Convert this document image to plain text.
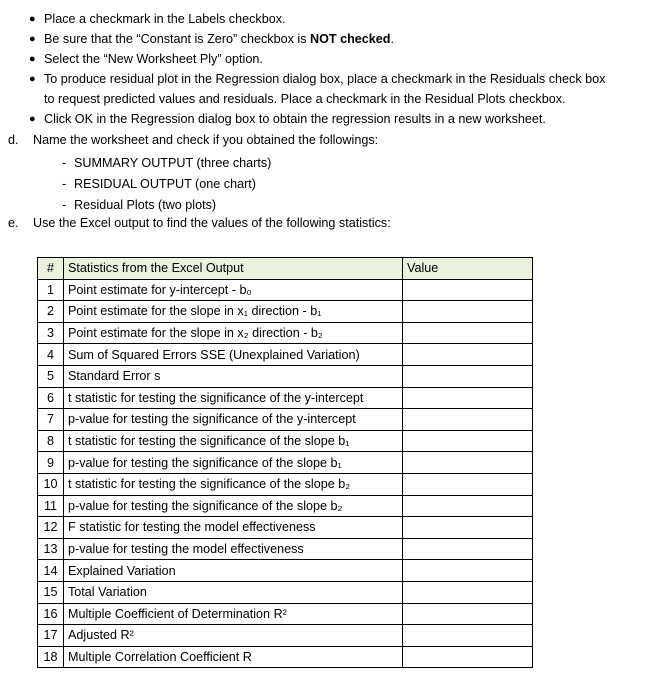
● Place a checkmark in the Labels checkbox.
● Be sure that the “Constant is Zero” checkbox is NOT checked.
● Select the “New Worksheet Ply” option.
● To produce residual plot in the Regression dialog box, place a checkmark in the Residuals check box
to request predicted values and residuals. Place a checkmark in the Residual Plots checkbox.
● Click OK in the Regression dialog box to obtain the regression results in a new worksheet.
d. Name the worksheet and check if you obtained the followings:
- SUMMARY OUTPUT (three charts)
- RESIDUAL OUTPUT (one chart)
- Residual Plots (two plots)
e. Use the Excel output to find the values of the following statistics:
#	Statistics from the Excel Output	Value
1	Point estimate for y-intercept - b₀	
2	Point estimate for the slope in x₁ direction - b₁	
3	Point estimate for the slope in x₂ direction - b₂	
4	Sum of Squared Errors SSE (Unexplained Variation)	
5	Standard Error s	
6	t statistic for testing the significance of the y-intercept	
7	p-value for testing the significance of the y-intercept	
8	t statistic for testing the significance of the slope b₁	
9	p-value for testing the significance of the slope b₁	
10	t statistic for testing the significance of the slope b₂	
11	p-value for testing the significance of the slope b₂	
12	F statistic for testing the model effectiveness	
13	p-value for testing the model effectiveness	
14	Explained Variation	
15	Total Variation	
16	Multiple Coefficient of Determination R²	
17	Adjusted R²	
18	Multiple Correlation Coefficient R	
